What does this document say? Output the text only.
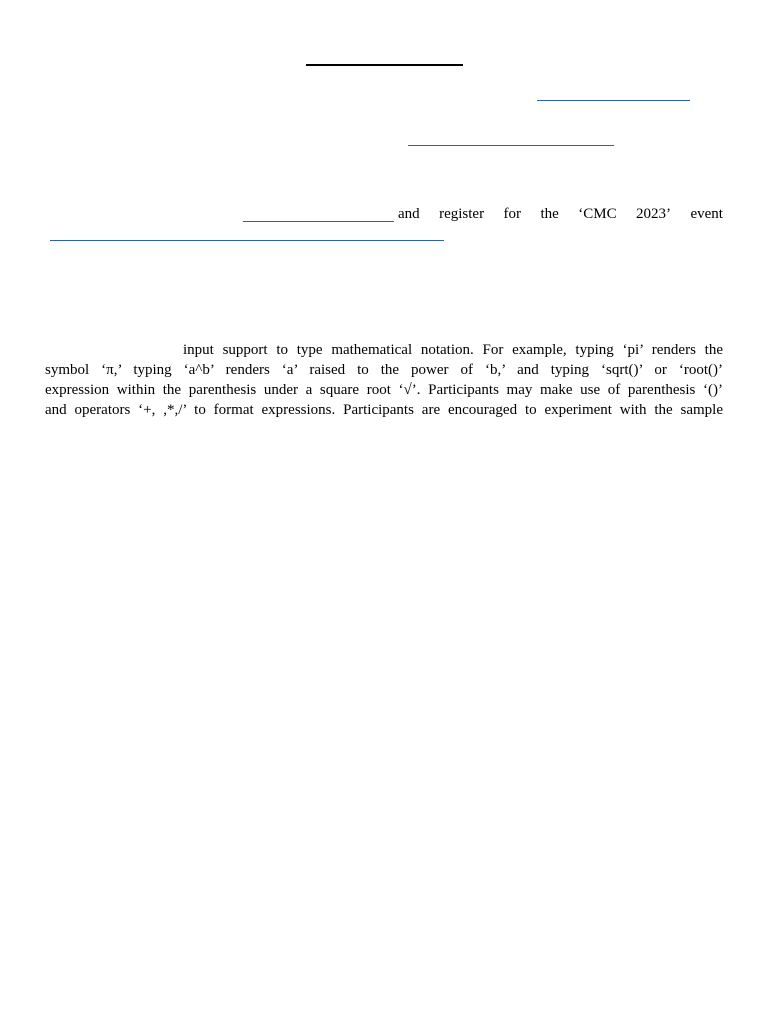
and register for the ‘CMC 2023’ event
input support to type mathematical notation. For example, typing ‘pi’ renders the
symbol ‘π,’ typing ‘a^b’ renders ‘a’ raised to the power of ‘b,’ and typing ‘sqrt()’ or ‘root()’
expression within the parenthesis under a square root ‘√’. Participants may make use of parenthesis ‘()’
and operators ‘+, ,*,/’ to format expressions. Participants are encouraged to experiment with the sample
